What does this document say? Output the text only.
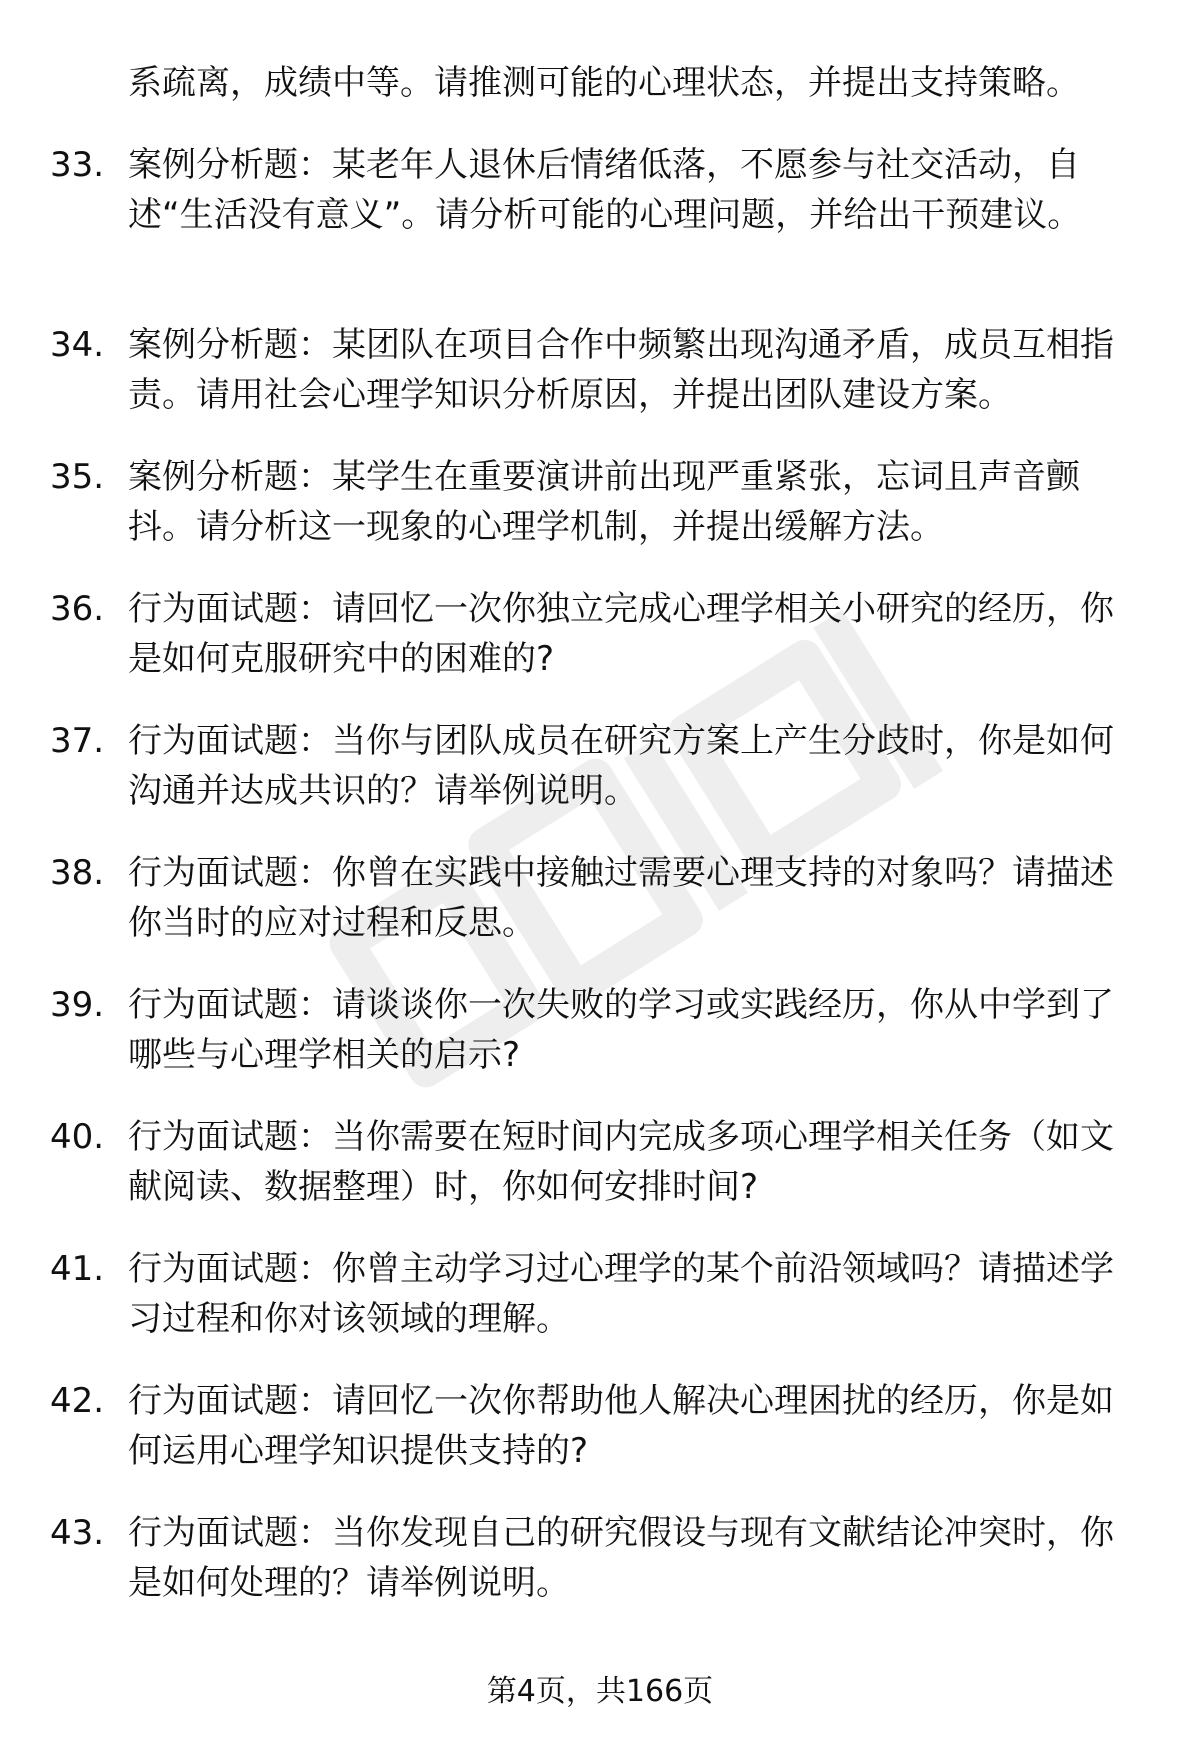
系疏离，成绩中等。请推测可能的心理状态，并提出支持策略。
33. 案例分析题：某老年人退休后情绪低落，不愿参与社交活动，自述“生活没有意义”。请分析可能的心理问题，并给出干预建议。
34. 案例分析题：某团队在项目合作中频繁出现沟通矛盾，成员互相指责。请用社会心理学知识分析原因，并提出团队建设方案。
35. 案例分析题：某学生在重要演讲前出现严重紧张，忘词且声音颤抖。请分析这一现象的心理学机制，并提出缓解方法。
36. 行为面试题：请回忆一次你独立完成心理学相关小研究的经历，你是如何克服研究中的困难的?
37. 行为面试题：当你与团队成员在研究方案上产生分歧时，你是如何沟通并达成共识的？请举例说明。
38. 行为面试题：你曾在实践中接触过需要心理支持的对象吗？请描述你当时的应对过程和反思。
39. 行为面试题：请谈谈你一次失败的学习或实践经历，你从中学到了哪些与心理学相关的启示?
40. 行为面试题：当你需要在短时间内完成多项心理学相关任务（如文献阅读、数据整理）时，你如何安排时间?
41. 行为面试题：你曾主动学习过心理学的某个前沿领域吗？请描述学习过程和你对该领域的理解。
42. 行为面试题：请回忆一次你帮助他人解决心理困扰的经历，你是如何运用心理学知识提供支持的?
43. 行为面试题：当你发现自己的研究假设与现有文献结论冲突时，你是如何处理的？请举例说明。
第4页，共166页
